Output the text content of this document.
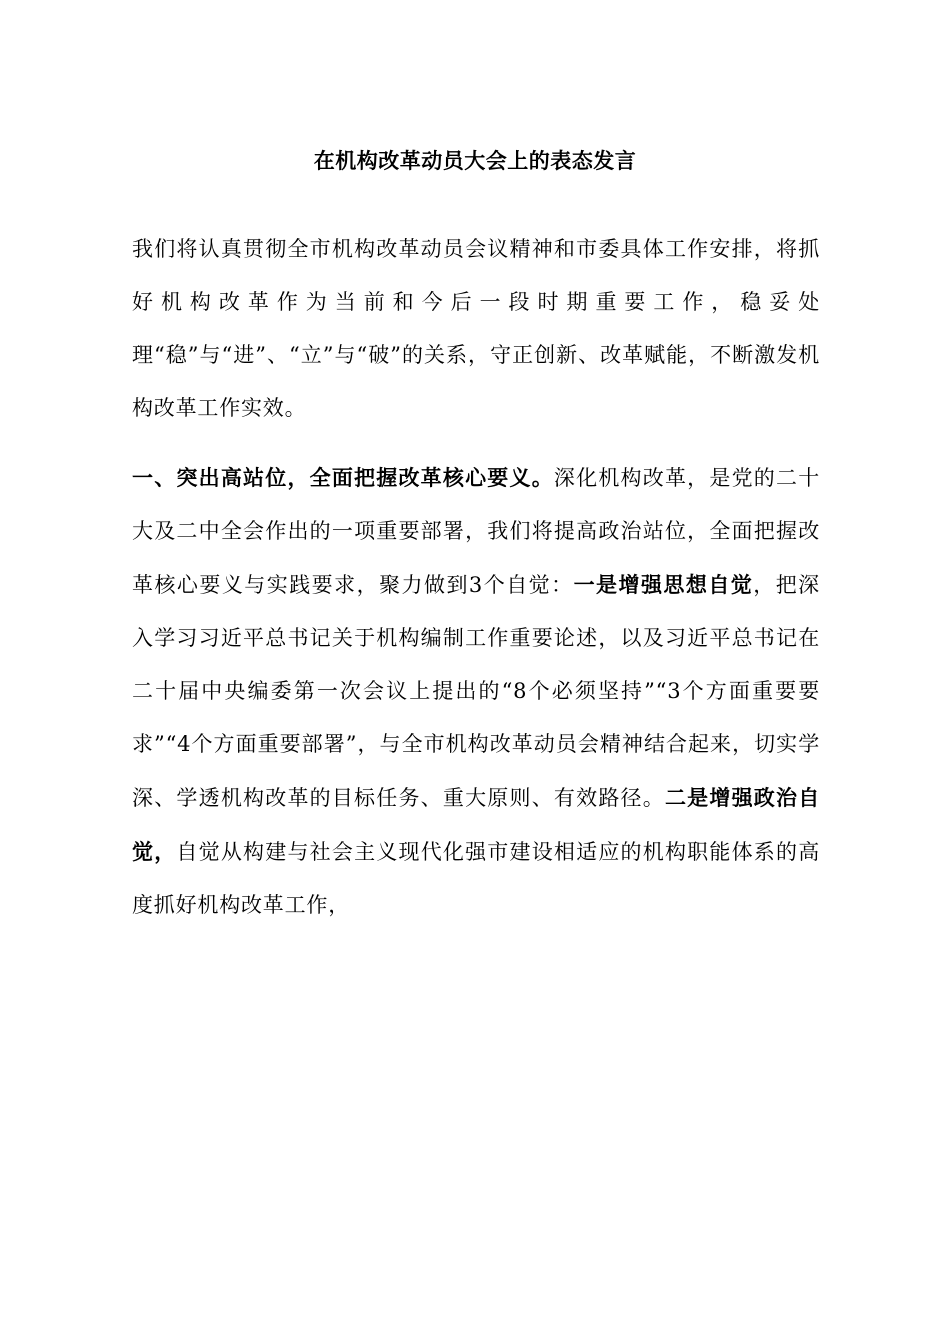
在机构改革动员大会上的表态发言

我们将认真贯彻全市机构改革动员会议精神和市委具体工作安排，将抓好机构改革作为当前和今后一段时期重要工作，稳妥处理“稳”与“进”、“立”与“破”的关系，守正创新、改革赋能，不断激发机构改革工作实效。

一、突出高站位，全面把握改革核心要义。深化机构改革，是党的二十大及二中全会作出的一项重要部署，我们将提高政治站位，全面把握改革核心要义与实践要求，聚力做到3个自觉：一是增强思想自觉，把深入学习习近平总书记关于机构编制工作重要论述，以及习近平总书记在二十届中央编委第一次会议上提出的“8个必须坚持”“3个方面重要要求”“4个方面重要部署”，与全市机构改革动员会精神结合起来，切实学深、学透机构改革的目标任务、重大原则、有效路径。二是增强政治自觉，自觉从构建与社会主义现代化强市建设相适应的机构职能体系的高度抓好机构改革工作，
